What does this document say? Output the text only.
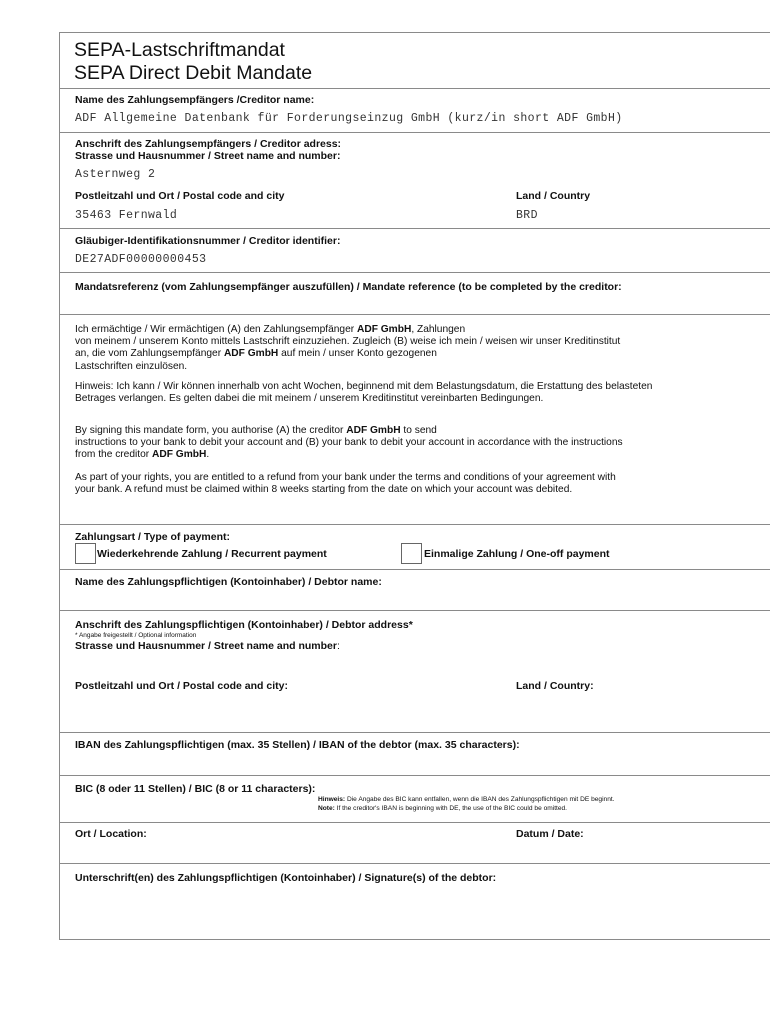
SEPA-Lastschriftmandat
SEPA Direct Debit Mandate
Name des Zahlungsempfängers /Creditor name:
ADF Allgemeine Datenbank für Forderungseinzug GmbH (kurz/in short ADF GmbH)
Anschrift des Zahlungsempfängers / Creditor adress:
Strasse und Hausnummer / Street name and number:
Asternweg 2
Postleitzahl und Ort / Postal code and city	Land / Country
35463 Fernwald	BRD
Gläubiger-Identifikationsnummer / Creditor identifier:
DE27ADF00000000453
Mandatsreferenz (vom Zahlungsempfänger auszufüllen) / Mandate reference (to be completed by the creditor:

Ich ermächtige / Wir ermächtigen (A) den Zahlungsempfänger ADF GmbH, Zahlungen
von meinem / unserem Konto mittels Lastschrift einzuziehen. Zugleich (B) weise ich mein / weisen wir unser Kreditinstitut
an, die vom Zahlungsempfänger ADF GmbH auf mein / unser Konto gezogenen
Lastschriften einzulösen.

Hinweis: Ich kann / Wir können innerhalb von acht Wochen, beginnend mit dem Belastungsdatum, die Erstattung des belasteten
Betrages verlangen. Es gelten dabei die mit meinem / unserem Kreditinstitut vereinbarten Bedingungen.

By signing this mandate form, you authorise (A) the creditor ADF GmbH to send
instructions to your bank to debit your account and (B) your bank to debit your account in accordance with the instructions
from the creditor ADF GmbH.

As part of your rights, you are entitled to a refund from your bank under the terms and conditions of your agreement with
your bank. A refund must be claimed within 8 weeks starting from the date on which your account was debited.

Zahlungsart / Type of payment:
Wiederkehrende Zahlung / Recurrent payment	Einmalige Zahlung / One-off payment
Name des Zahlungspflichtigen (Kontoinhaber) / Debtor name:
Anschrift des Zahlungspflichtigen (Kontoinhaber) / Debtor address*
* Angabe freigestellt / Optional information
Strasse und Hausnummer / Street name and number:
Postleitzahl und Ort / Postal code and city:	Land / Country:
IBAN des Zahlungspflichtigen (max. 35 Stellen) / IBAN of the debtor (max. 35 characters):
BIC (8 oder 11 Stellen) / BIC (8 or 11 characters):
Hinweis: Die Angabe des BIC kann entfallen, wenn die IBAN des Zahlungspflichtigen mit DE beginnt.
Note: If the creditor's IBAN is beginning with DE, the use of the BIC could be omitted.
Ort / Location:	Datum / Date:
Unterschrift(en) des Zahlungspflichtigen (Kontoinhaber) / Signature(s) of the debtor:
